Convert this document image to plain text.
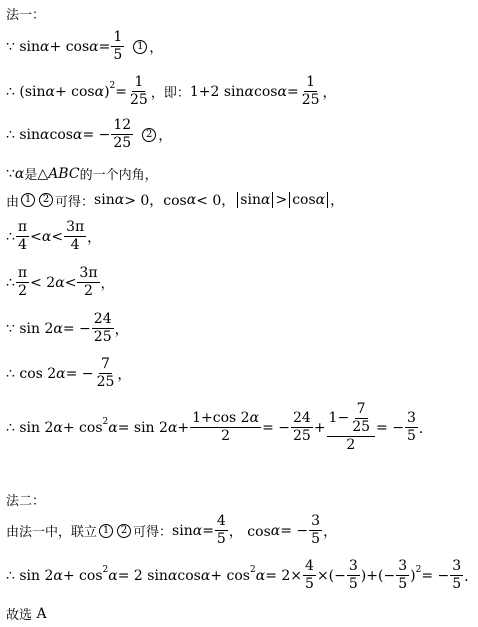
法一：
∵ sin α + cos α =
1
5
1 ，
∴ (sin α + cos α ) 2 =
1
25 ，即： 1+2 sin α cos α =
1
25 ，
∴ sin α cos α = −
12
25
2 ，
∵ α 是 △ ABC 的一个内角，
由 1	2 可得： sin α > 0，cos α < 0， sinα > cosα ，
∴
π
4
< α <
3π
4 ，
∴
π
2
< 2 α <
3π
2 ，
∵ sin 2 α = −
24
25 ，
∴ cos 2 α = −
7
25 ，
∴ sin 2 α + cos 2 α = sin 2 α +
1+cos 2α
2
= −
24
25
+
1−
7
25
2
= −
3
5 ．
法二：
由法一中，联立 1	2 可得： sin α =
4
5 ， cos α = −
3
5 ，
∴ sin 2 α + cos 2 α = 2 sin α cos α + cos 2 α = 2×
4
5
×(−
3
5
)+(−
3
5
) 2 = −
3
5 ．
故选 A
